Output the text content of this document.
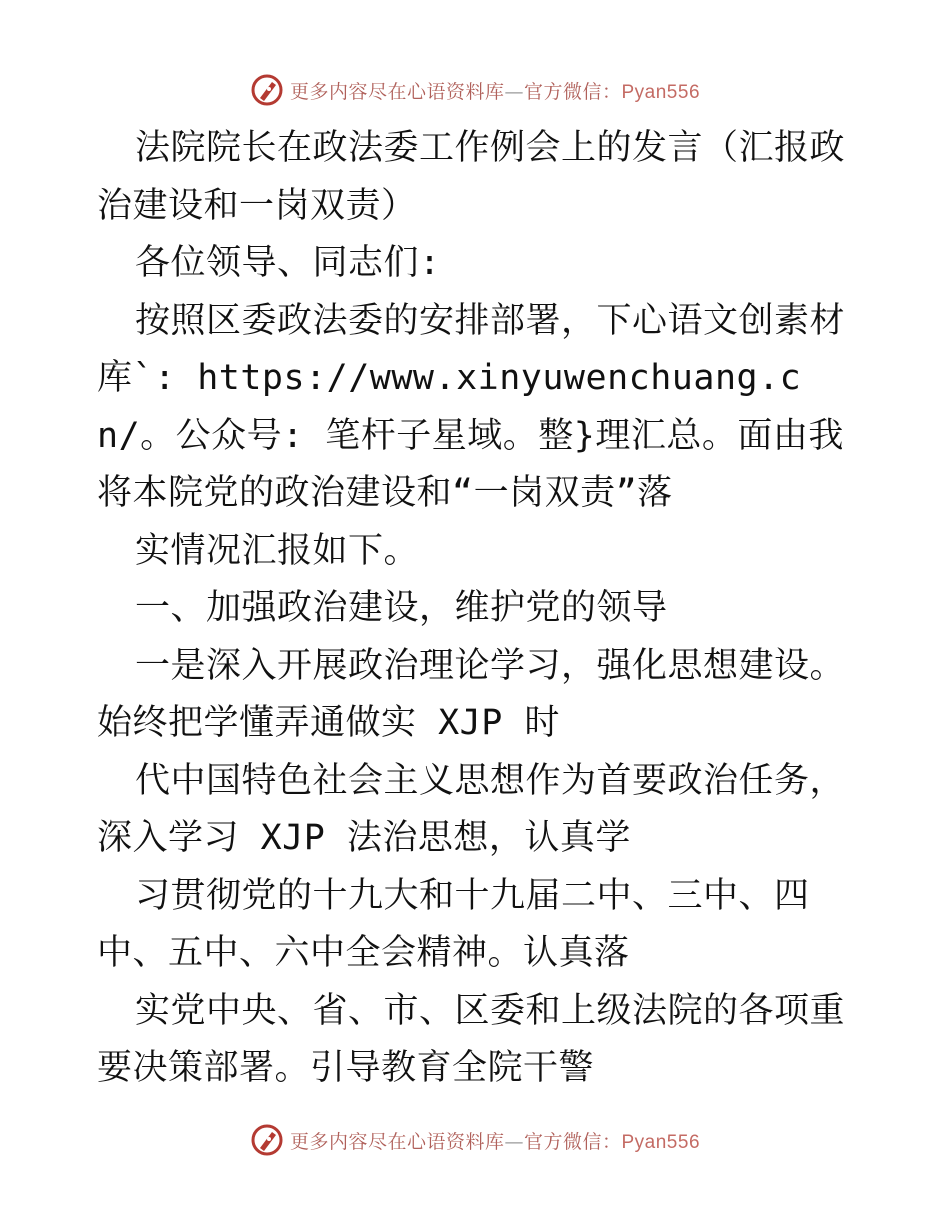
更多内容尽在心语资料库—官方微信：Pyan556

法院院长在政法委工作例会上的发言（汇报政治建设和一岗双责）

各位领导、同志们:

按照区委政法委的安排部署，下心语文创素材库`: https://www.xinyuwenchuang.cn/。公众号: 笔杆子星域。整}理汇总。面由我将本院党的政治建设和“一岗双责”落

实情况汇报如下。

一、加强政治建设，维护党的领导

一是深入开展政治理论学习，强化思想建设。始终把学懂弄通做实 XJP 时

代中国特色社会主义思想作为首要政治任务，深入学习 XJP 法治思想，认真学

习贯彻党的十九大和十九届二中、三中、四中、五中、六中全会精神。认真落

实党中央、省、市、区委和上级法院的各项重要决策部署。引导教育全院干警

更多内容尽在心语资料库—官方微信：Pyan556
